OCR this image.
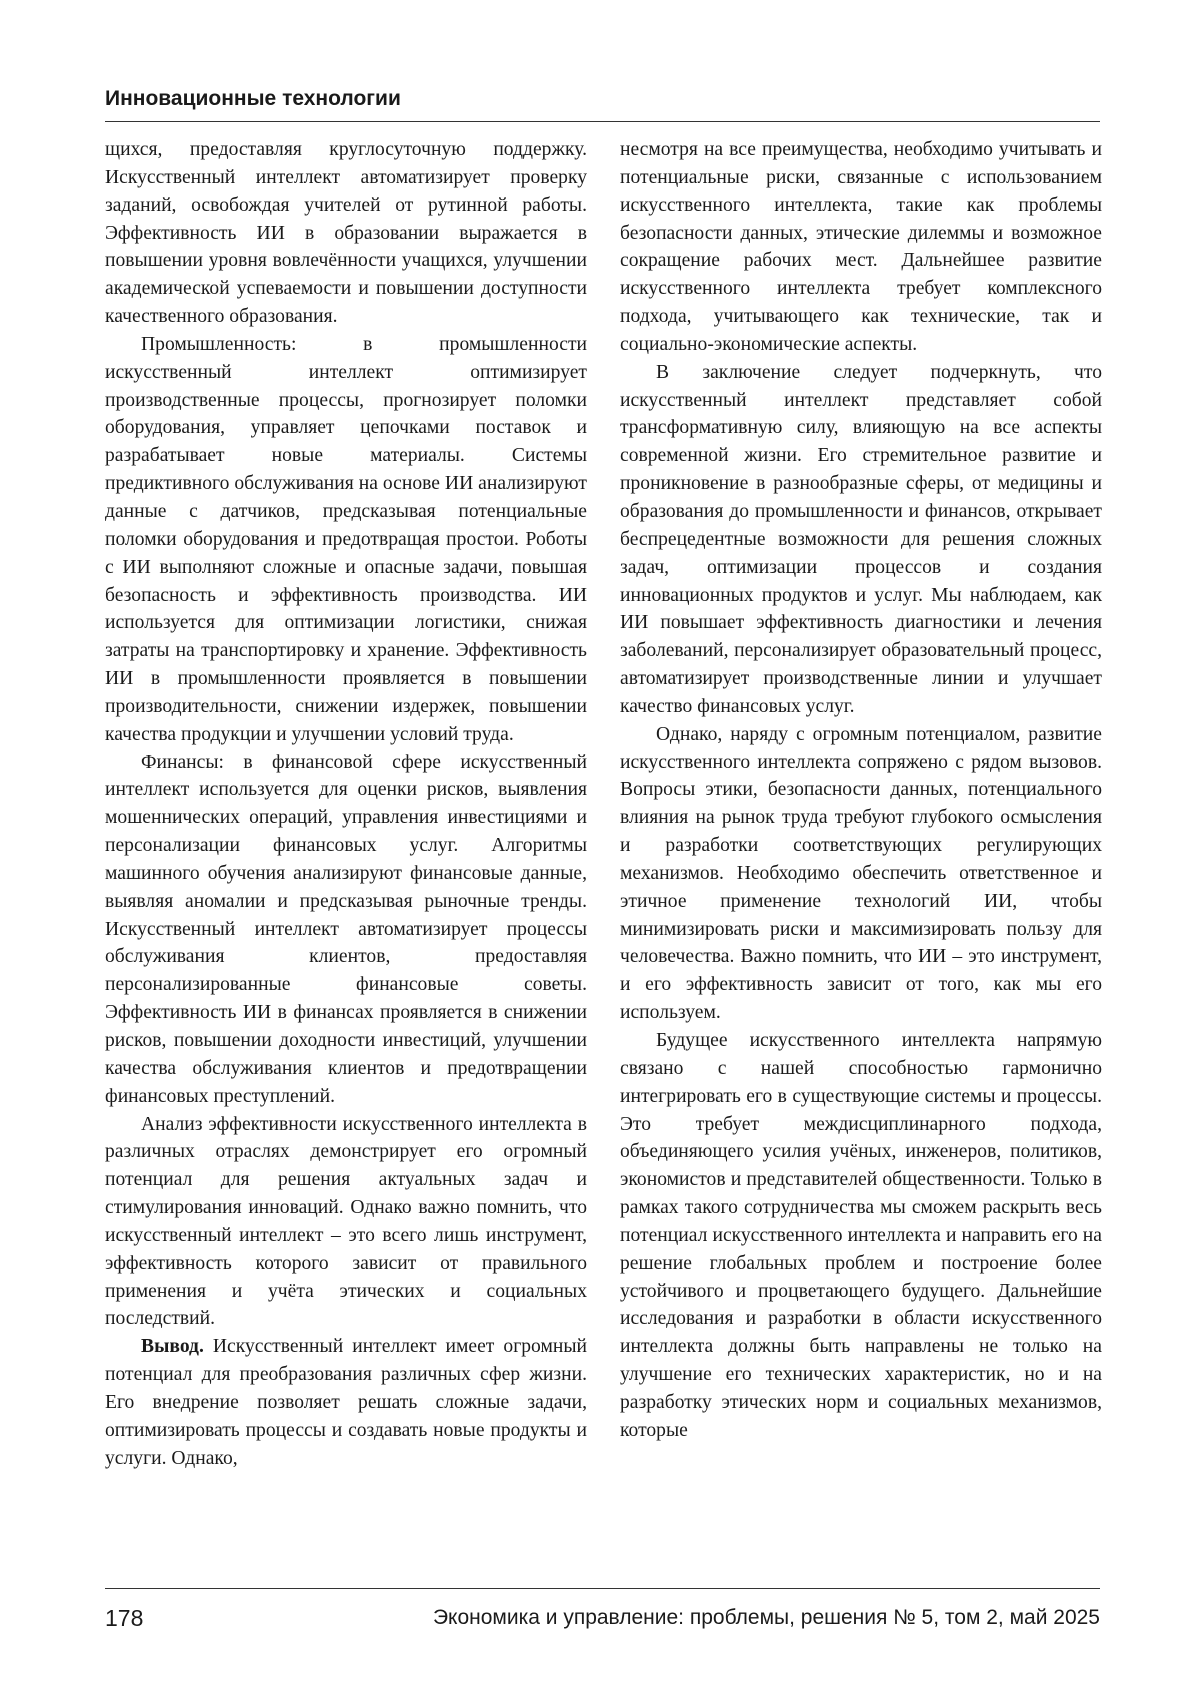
Инновационные технологии

щихся, предоставляя круглосуточную поддержку. Искусственный интеллект автоматизирует проверку заданий, освобождая учителей от рутинной работы. Эффективность ИИ в образовании выражается в повышении уровня вовлечённости учащихся, улучшении академической успеваемости и повышении доступности качественного образования.

Промышленность: в промышленности искусственный интеллект оптимизирует производственные процессы, прогнозирует поломки оборудования, управляет цепочками поставок и разрабатывает новые материалы. Системы предиктивного обслуживания на основе ИИ анализируют данные с датчиков, предсказывая потенциальные поломки оборудования и предотвращая простои. Роботы с ИИ выполняют сложные и опасные задачи, повышая безопасность и эффективность производства. ИИ используется для оптимизации логистики, снижая затраты на транспортировку и хранение. Эффективность ИИ в промышленности проявляется в повышении производительности, снижении издержек, повышении качества продукции и улучшении условий труда.

Финансы: в финансовой сфере искусственный интеллект используется для оценки рисков, выявления мошеннических операций, управления инвестициями и персонализации финансовых услуг. Алгоритмы машинного обучения анализируют финансовые данные, выявляя аномалии и предсказывая рыночные тренды. Искусственный интеллект автоматизирует процессы обслуживания клиентов, предоставляя персонализированные финансовые советы. Эффективность ИИ в финансах проявляется в снижении рисков, повышении доходности инвестиций, улучшении качества обслуживания клиентов и предотвращении финансовых преступлений.

Анализ эффективности искусственного интеллекта в различных отраслях демонстрирует его огромный потенциал для решения актуальных задач и стимулирования инноваций. Однако важно помнить, что искусственный интеллект – это всего лишь инструмент, эффективность которого зависит от правильного применения и учёта этических и социальных последствий.

Вывод. Искусственный интеллект имеет огромный потенциал для преобразования различных сфер жизни. Его внедрение позволяет решать сложные задачи, оптимизировать процессы и создавать новые продукты и услуги. Однако,

несмотря на все преимущества, необходимо учитывать и потенциальные риски, связанные с использованием искусственного интеллекта, такие как проблемы безопасности данных, этические дилеммы и возможное сокращение рабочих мест. Дальнейшее развитие искусственного интеллекта требует комплексного подхода, учитывающего как технические, так и социально-экономические аспекты.

В заключение следует подчеркнуть, что искусственный интеллект представляет собой трансформативную силу, влияющую на все аспекты современной жизни. Его стремительное развитие и проникновение в разнообразные сферы, от медицины и образования до промышленности и финансов, открывает беспрецедентные возможности для решения сложных задач, оптимизации процессов и создания инновационных продуктов и услуг. Мы наблюдаем, как ИИ повышает эффективность диагностики и лечения заболеваний, персонализирует образовательный процесс, автоматизирует производственные линии и улучшает качество финансовых услуг.

Однако, наряду с огромным потенциалом, развитие искусственного интеллекта сопряжено с рядом вызовов. Вопросы этики, безопасности данных, потенциального влияния на рынок труда требуют глубокого осмысления и разработки соответствующих регулирующих механизмов. Необходимо обеспечить ответственное и этичное применение технологий ИИ, чтобы минимизировать риски и максимизировать пользу для человечества. Важно помнить, что ИИ – это инструмент, и его эффективность зависит от того, как мы его используем.

Будущее искусственного интеллекта напрямую связано с нашей способностью гармонично интегрировать его в существующие системы и процессы. Это требует междисциплинарного подхода, объединяющего усилия учёных, инженеров, политиков, экономистов и представителей общественности. Только в рамках такого сотрудничества мы сможем раскрыть весь потенциал искусственного интеллекта и направить его на решение глобальных проблем и построение более устойчивого и процветающего будущего. Дальнейшие исследования и разработки в области искусственного интеллекта должны быть направлены не только на улучшение его технических характеристик, но и на разработку этических норм и социальных механизмов, которые

178	Экономика и управление: проблемы, решения № 5, том 2, май 2025
